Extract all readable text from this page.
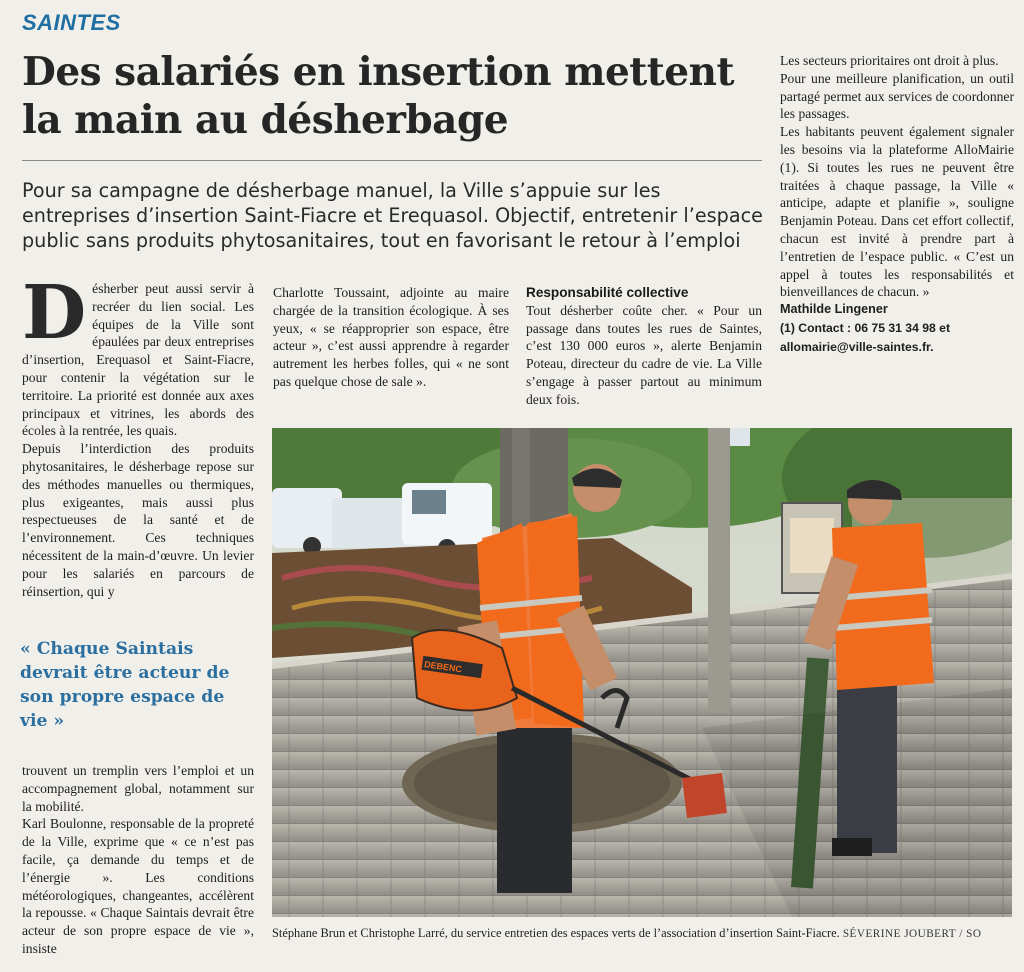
SAINTES
Des salariés en insertion mettent la main au désherbage

Pour sa campagne de désherbage manuel, la Ville s’appuie sur les entreprises d’insertion Saint-Fiacre et Erequasol. Objectif, entretenir l’espace public sans produits phytosanitaires, tout en favorisant le retour à l’emploi

D ésherber peut aussi servir à recréer du lien social. Les équipes de la Ville sont épaulées par deux entreprises d’insertion, Erequasol et Saint-Fiacre, pour contenir la végétation sur le territoire. La priorité est donnée aux axes principaux et vitrines, les abords des écoles à la rentrée, les quais.

Depuis l’interdiction des produits phytosanitaires, le désherbage repose sur des méthodes manuelles ou thermiques, plus exigeantes, mais aussi plus respectueuses de la santé et de l’environnement. Ces techniques nécessitent de la main-d’œuvre. Un levier pour les salariés en parcours de réinsertion, qui y

« Chaque Saintais devrait être acteur de son propre espace de vie »

trouvent un tremplin vers l’emploi et un accompagnement global, notamment sur la mobilité.

Karl Boulonne, responsable de la propreté de la Ville, exprime que « ce n’est pas facile, ça demande du temps et de l’énergie ». Les conditions météorologiques, changeantes, accélèrent la repousse. « Chaque Saintais devrait être acteur de son propre espace de vie », insiste

Charlotte Toussaint, adjointe au maire chargée de la transition écologique. À ses yeux, « se réapproprier son espace, être acteur », c’est aussi apprendre à regarder autrement les herbes folles, qui « ne sont pas quelque chose de sale ».

Responsabilité collective

Tout désherber coûte cher. « Pour un passage dans toutes les rues de Saintes, c’est 130 000 euros », alerte Benjamin Poteau, directeur du cadre de vie. La Ville s’engage à passer partout au minimum deux fois.

Les secteurs prioritaires ont droit à plus.

Pour une meilleure planification, un outil partagé permet aux services de coordonner les passages.

Les habitants peuvent également signaler les besoins via la plateforme AlloMairie (1). Si toutes les rues ne peuvent être traitées à chaque passage, la Ville « anticipe, adapte et planifie », souligne Benjamin Poteau. Dans cet effort collectif, chacun est invité à prendre part à l’entretien de l’espace public. « C’est un appel à toutes les responsabilités et bienveillances de chacun. »

Mathilde Lingener
(1) Contact : 06 75 31 34 98 et
allomairie@ville-saintes.fr.
DEBENC
Stéphane Brun et Christophe Larré, du service entretien des espaces verts de l’association d’insertion Saint-Fiacre. SÉVERINE JOUBERT / SO
